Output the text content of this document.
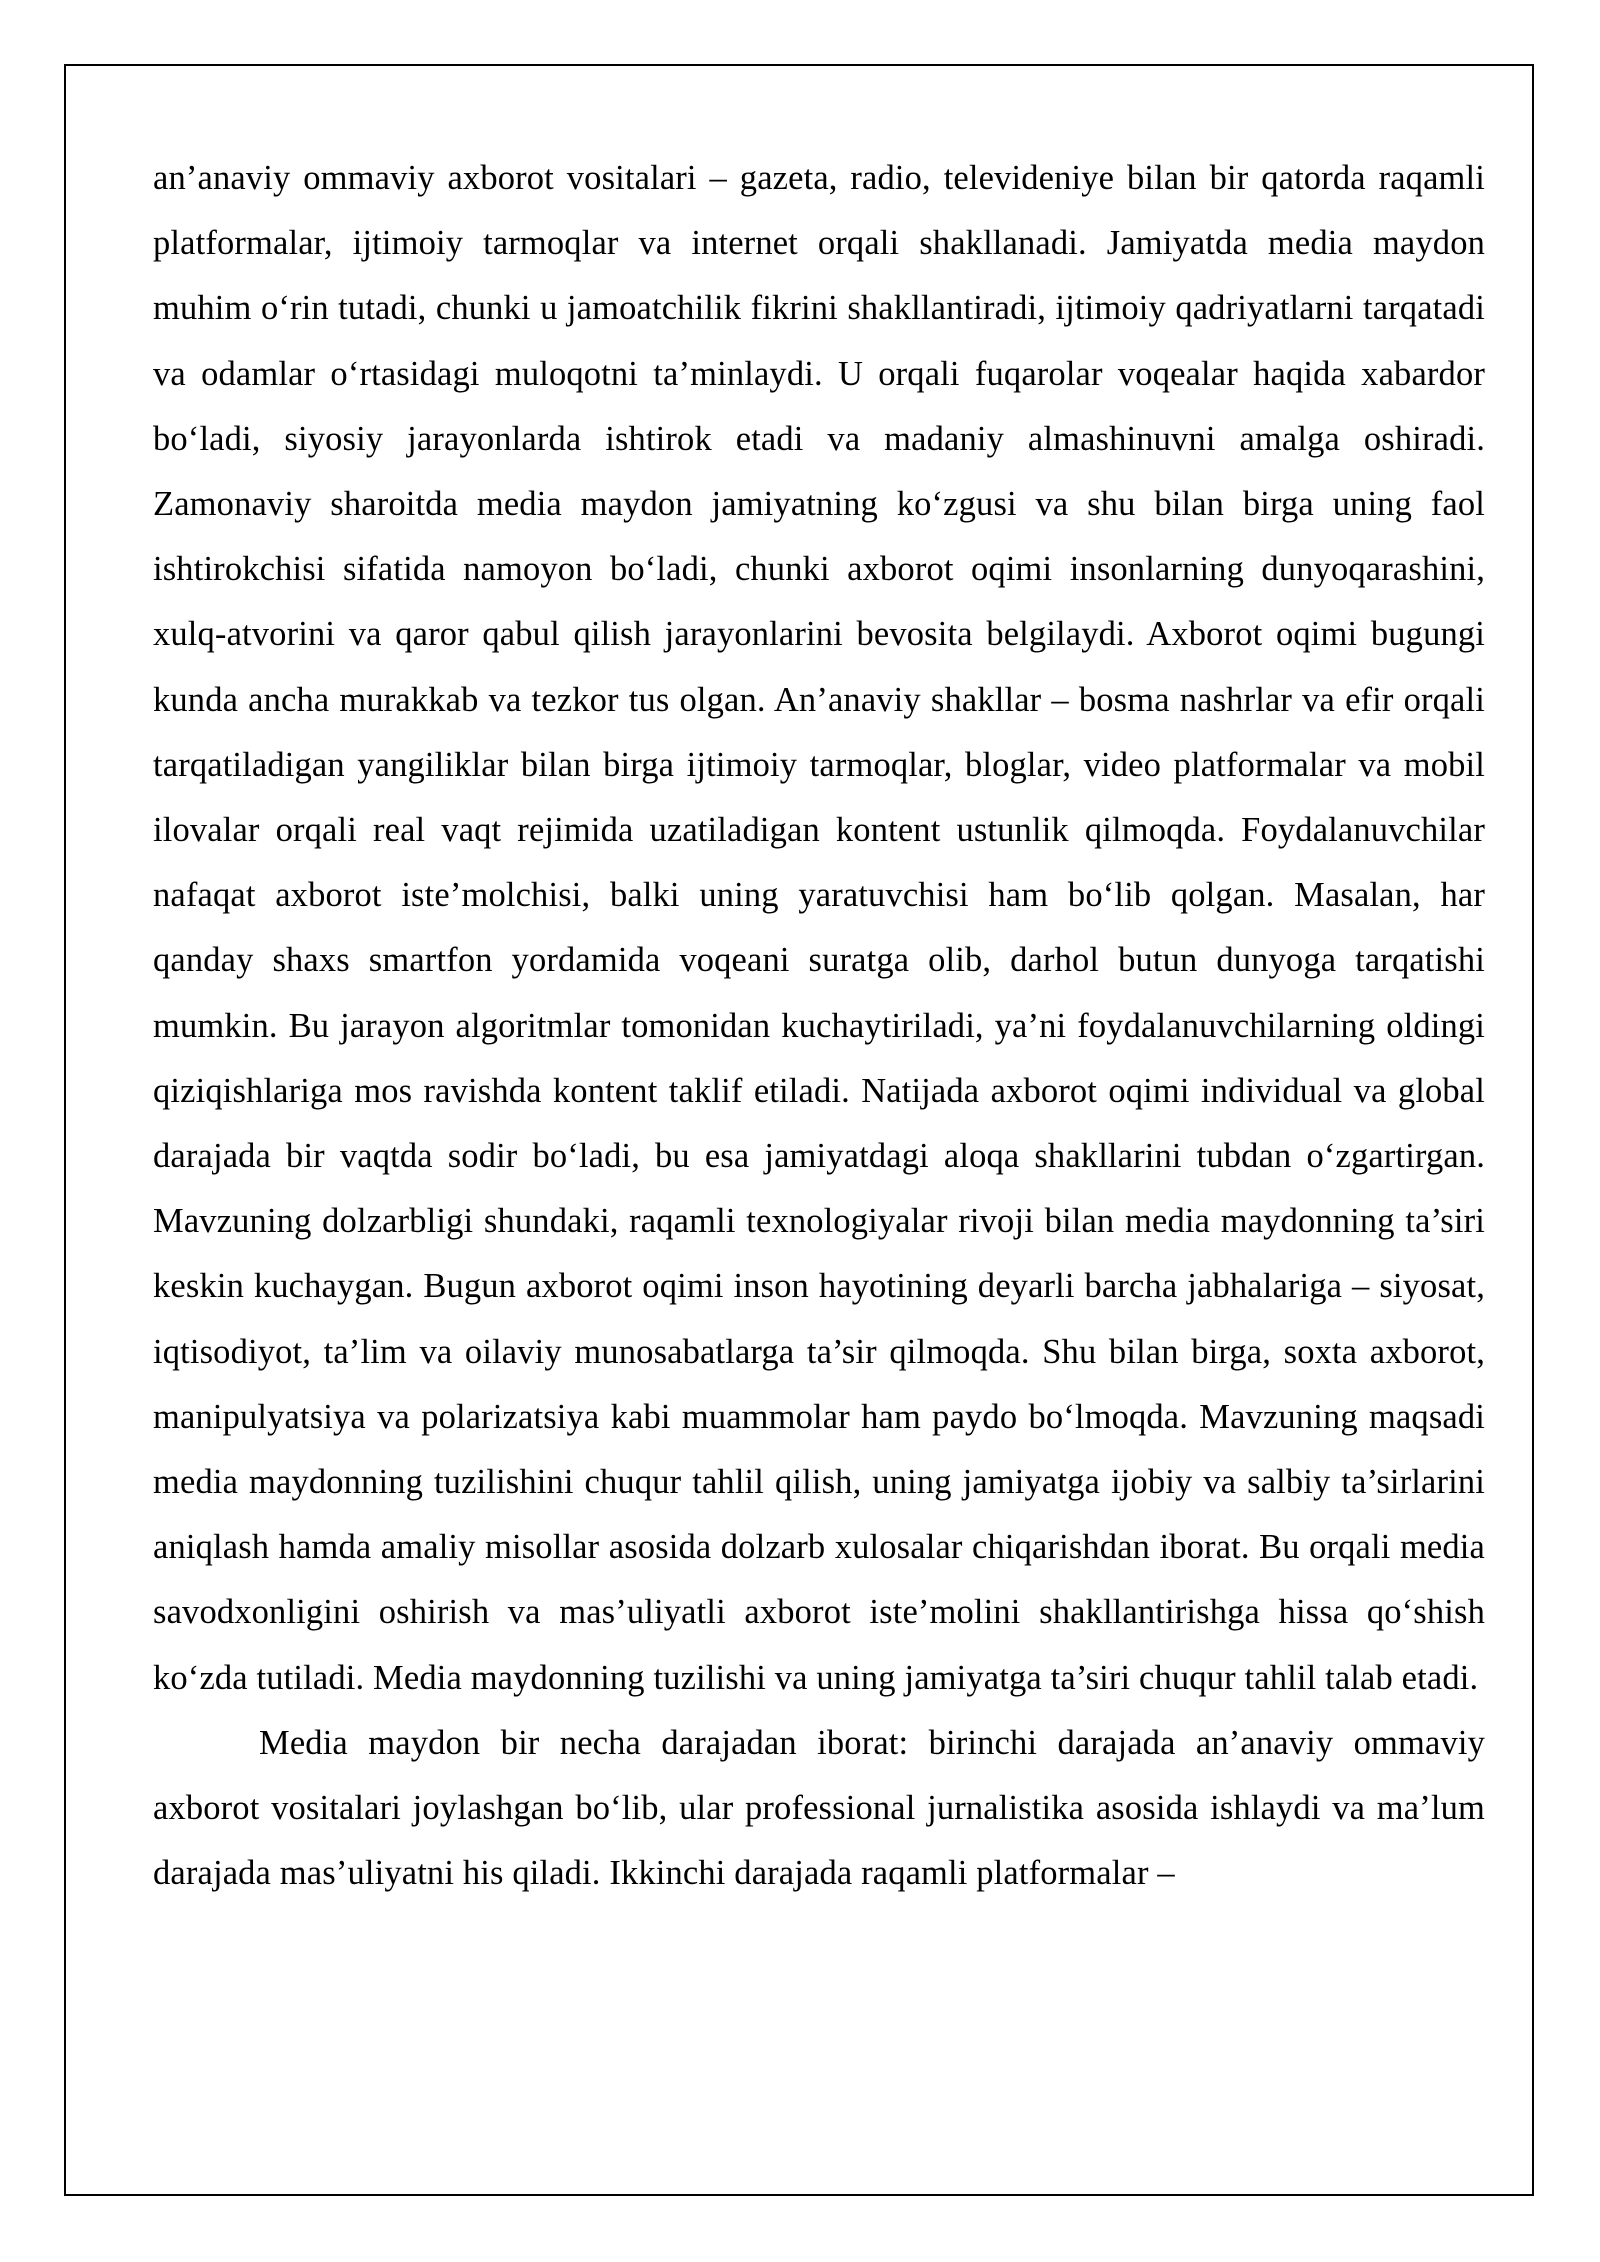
an’anaviy ommaviy axborot vositalari – gazeta, radio, televideniye bilan bir qatorda raqamli platformalar, ijtimoiy tarmoqlar va internet orqali shakllanadi. Jamiyatda media maydon muhim o‘rin tutadi, chunki u jamoatchilik fikrini shakllantiradi, ijtimoiy qadriyatlarni tarqatadi va odamlar o‘rtasidagi muloqotni ta’minlaydi. U orqali fuqarolar voqealar haqida xabardor bo‘ladi, siyosiy jarayonlarda ishtirok etadi va madaniy almashinuvni amalga oshiradi. Zamonaviy sharoitda media maydon jamiyatning ko‘zgusi va shu bilan birga uning faol ishtirokchisi sifatida namoyon bo‘ladi, chunki axborot oqimi insonlarning dunyoqarashini, xulq-atvorini va qaror qabul qilish jarayonlarini bevosita belgilaydi. Axborot oqimi bugungi kunda ancha murakkab va tezkor tus olgan. An’anaviy shakllar – bosma nashrlar va efir orqali tarqatiladigan yangiliklar bilan birga ijtimoiy tarmoqlar, bloglar, video platformalar va mobil ilovalar orqali real vaqt rejimida uzatiladigan kontent ustunlik qilmoqda. Foydalanuvchilar nafaqat axborot iste’molchisi, balki uning yaratuvchisi ham bo‘lib qolgan. Masalan, har qanday shaxs smartfon yordamida voqeani suratga olib, darhol butun dunyoga tarqatishi mumkin. Bu jarayon algoritmlar tomonidan kuchaytiriladi, ya’ni foydalanuvchilarning oldingi qiziqishlariga mos ravishda kontent taklif etiladi. Natijada axborot oqimi individual va global darajada bir vaqtda sodir bo‘ladi, bu esa jamiyatdagi aloqa shakllarini tubdan o‘zgartirgan. Mavzuning dolzarbligi shundaki, raqamli texnologiyalar rivoji bilan media maydonning ta’siri keskin kuchaygan. Bugun axborot oqimi inson hayotining deyarli barcha jabhalariga – siyosat, iqtisodiyot, ta’lim va oilaviy munosabatlarga ta’sir qilmoqda. Shu bilan birga, soxta axborot, manipulyatsiya va polarizatsiya kabi muammolar ham paydo bo‘lmoqda. Mavzuning maqsadi media maydonning tuzilishini chuqur tahlil qilish, uning jamiyatga ijobiy va salbiy ta’sirlarini aniqlash hamda amaliy misollar asosida dolzarb xulosalar chiqarishdan iborat. Bu orqali media savodxonligini oshirish va mas’uliyatli axborot iste’molini shakllantirishga hissa qo‘shish ko‘zda tutiladi. Media maydonning tuzilishi va uning jamiyatga ta’siri chuqur tahlil talab etadi.

Media maydon bir necha darajadan iborat: birinchi darajada an’anaviy ommaviy axborot vositalari joylashgan bo‘lib, ular professional jurnalistika asosida ishlaydi va ma’lum darajada mas’uliyatni his qiladi. Ikkinchi darajada raqamli platformalar –
